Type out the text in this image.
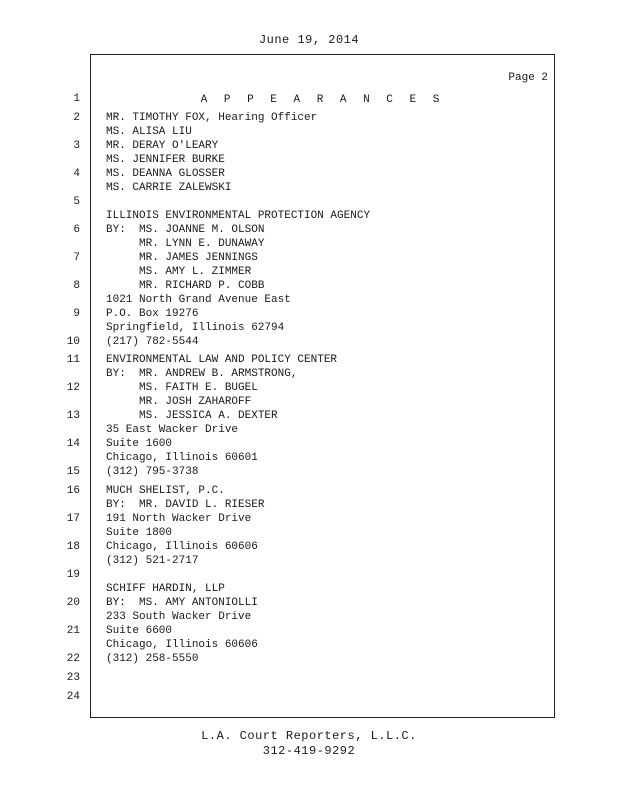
June 19, 2014
Page 2
A P P E A R A N C E S
1
2
3
4
5
6
7
8
9
10
11
12
13
14
15
16
17
18
19
20
21
22
23
24
MR. TIMOTHY FOX, Hearing Officer
MS. ALISA LIU
MR. DERAY O'LEARY
MS. JENNIFER BURKE
MS. DEANNA GLOSSER
MS. CARRIE ZALEWSKI
ILLINOIS ENVIRONMENTAL PROTECTION AGENCY
BY:  MS. JOANNE M. OLSON
MR. LYNN E. DUNAWAY
MR. JAMES JENNINGS
MS. AMY L. ZIMMER
MR. RICHARD P. COBB
1021 North Grand Avenue East
P.O. Box 19276
Springfield, Illinois 62794
(217) 782-5544
ENVIRONMENTAL LAW AND POLICY CENTER
BY:  MR. ANDREW B. ARMSTRONG,
MS. FAITH E. BUGEL
MR. JOSH ZAHAROFF
MS. JESSICA A. DEXTER
35 East Wacker Drive
Suite 1600
Chicago, Illinois 60601
(312) 795-3738
MUCH SHELIST, P.C.
BY:  MR. DAVID L. RIESER
191 North Wacker Drive
Suite 1800
Chicago, Illinois 60606
(312) 521-2717
SCHIFF HARDIN, LLP
BY:  MS. AMY ANTONIOLLI
233 South Wacker Drive
Suite 6600
Chicago, Illinois 60606
(312) 258-5550
L.A. Court Reporters, L.L.C.
312-419-9292
